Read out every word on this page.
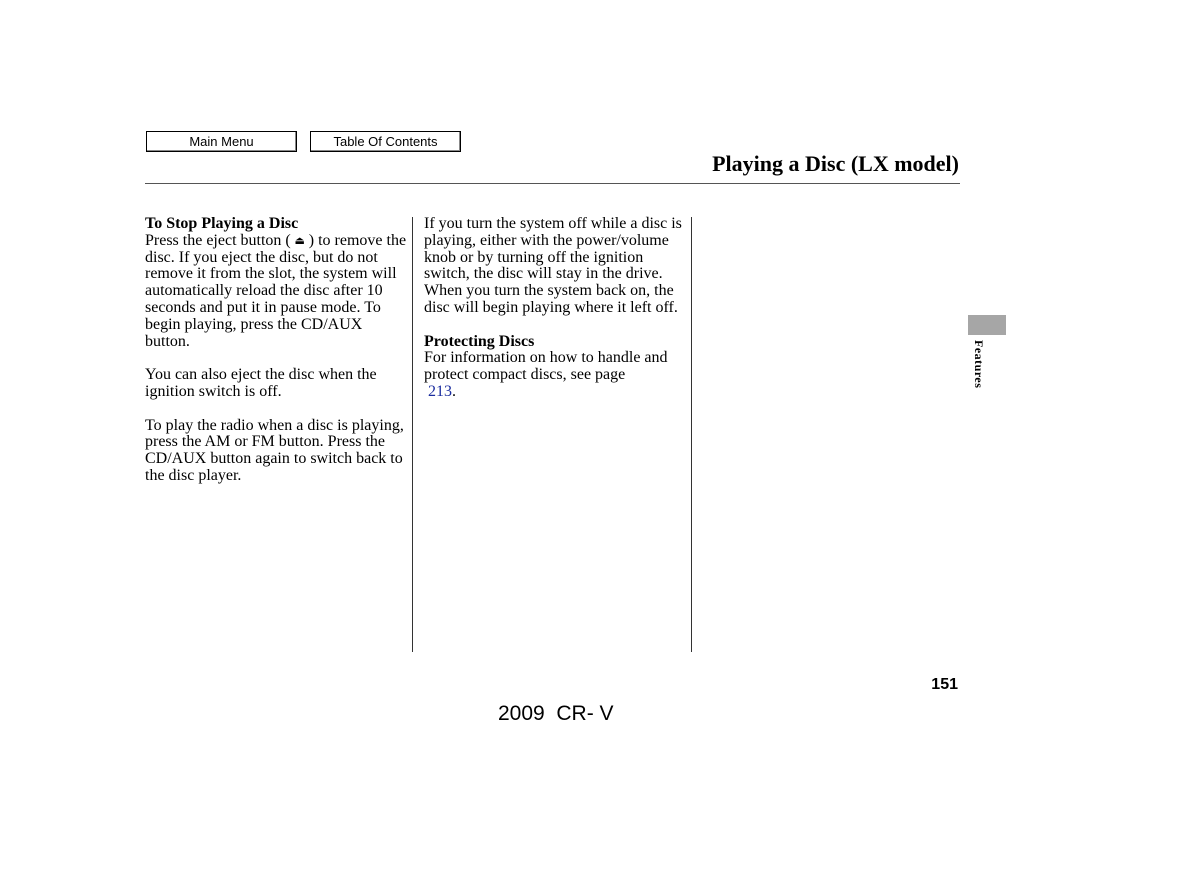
Main Menu	Table Of Contents
Playing a Disc (LX model)

To Stop Playing a Disc

Press the eject button ( ⏏ ) to remove the disc. If you eject the disc, but do not remove it from the slot, the system will automatically reload the disc after 10 seconds and put it in pause mode. To begin playing, press the CD/AUX button.

You can also eject the disc when the ignition switch is off.

To play the radio when a disc is playing, press the AM or FM button. Press the CD/AUX button again to switch back to the disc player.

If you turn the system off while a disc is playing, either with the power/volume knob or by turning off the ignition switch, the disc will stay in the drive. When you turn the system back on, the disc will begin playing where it left off.

Protecting Discs

For information on how to handle and protect compact discs, see page
213.

Features
151
2009  CR- V
